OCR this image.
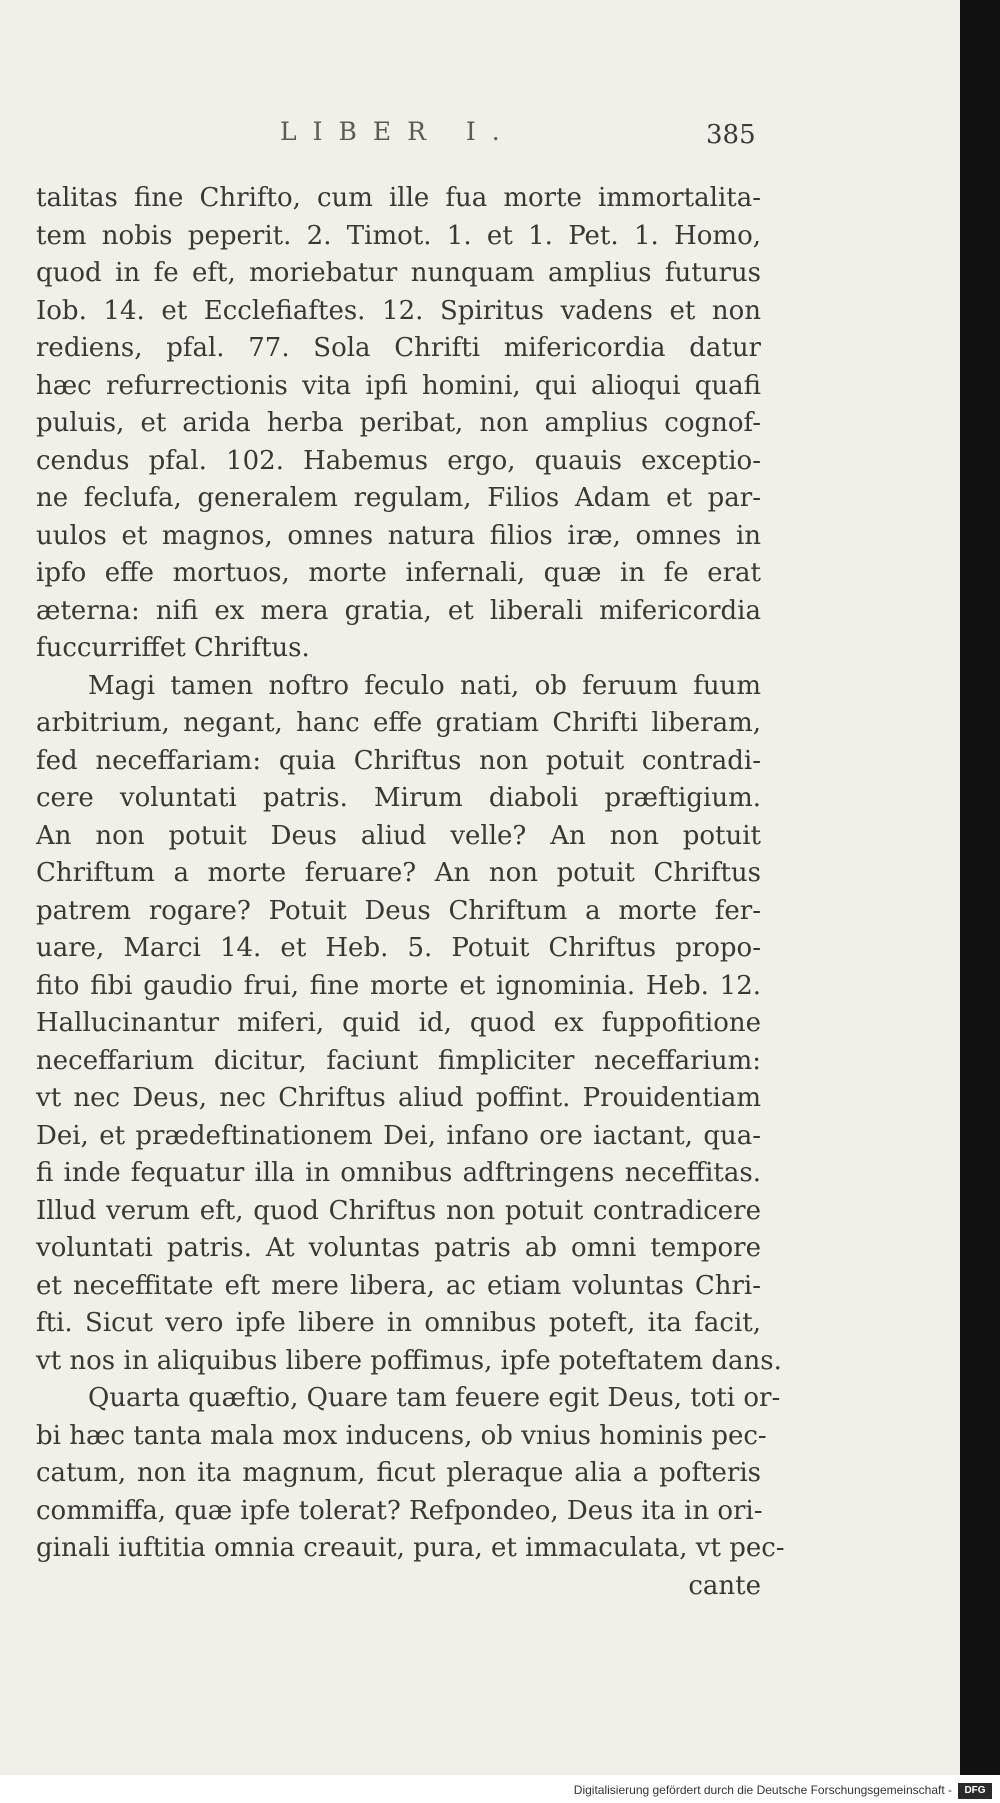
LIBER I.	385
talitas fine Chrifto, cum ille fua morte immortalita-
tem nobis peperit. 2. Timot. 1. et 1. Pet. 1. Homo,
quod in fe eft, moriebatur nunquam amplius futurus
Iob. 14. et Ecclefiaftes. 12. Spiritus vadens et non
rediens, pfal. 77. Sola Chrifti mifericordia datur
hæc refurrectionis vita ipfi homini, qui alioqui quafi
puluis, et arida herba peribat, non amplius cognof-
cendus pfal. 102. Habemus ergo, quauis exceptio-
ne feclufa, generalem regulam, Filios Adam et par-
uulos et magnos, omnes natura filios iræ, omnes in
ipfo effe mortuos, morte infernali, quæ in fe erat
æterna: nifi ex mera gratia, et liberali mifericordia
fuccurriffet Chriftus.
Magi tamen noftro feculo nati, ob feruum fuum
arbitrium, negant, hanc effe gratiam Chrifti liberam,
fed neceffariam: quia Chriftus non potuit contradi-
cere voluntati patris. Mirum diaboli præftigium.
An non potuit Deus aliud velle? An non potuit
Chriftum a morte feruare? An non potuit Chriftus
patrem rogare? Potuit Deus Chriftum a morte fer-
uare, Marci 14. et Heb. 5. Potuit Chriftus propo-
fito fibi gaudio frui, fine morte et ignominia. Heb. 12.
Hallucinantur miferi, quid id, quod ex fuppofitione
neceffarium dicitur, faciunt fimpliciter neceffarium:
vt nec Deus, nec Chriftus aliud poffint. Prouidentiam
Dei, et prædeftinationem Dei, infano ore iactant, qua-
fi inde fequatur illa in omnibus adftringens neceffitas.
Illud verum eft, quod Chriftus non potuit contradicere
voluntati patris. At voluntas patris ab omni tempore
et neceffitate eft mere libera, ac etiam voluntas Chri-
fti. Sicut vero ipfe libere in omnibus poteft, ita facit,
vt nos in aliquibus libere poffimus, ipfe poteftatem dans.
Quarta quæftio, Quare tam feuere egit Deus, toti or-
bi hæc tanta mala mox inducens, ob vnius hominis pec-
catum, non ita magnum, ficut pleraque alia a pofteris
commiffa, quæ ipfe tolerat? Refpondeo, Deus ita in ori-
ginali iuftitia omnia creauit, pura, et immaculata, vt pec-
cante
Digitalisierung gefördert durch die Deutsche Forschungsgemeinschaft -	DFG
